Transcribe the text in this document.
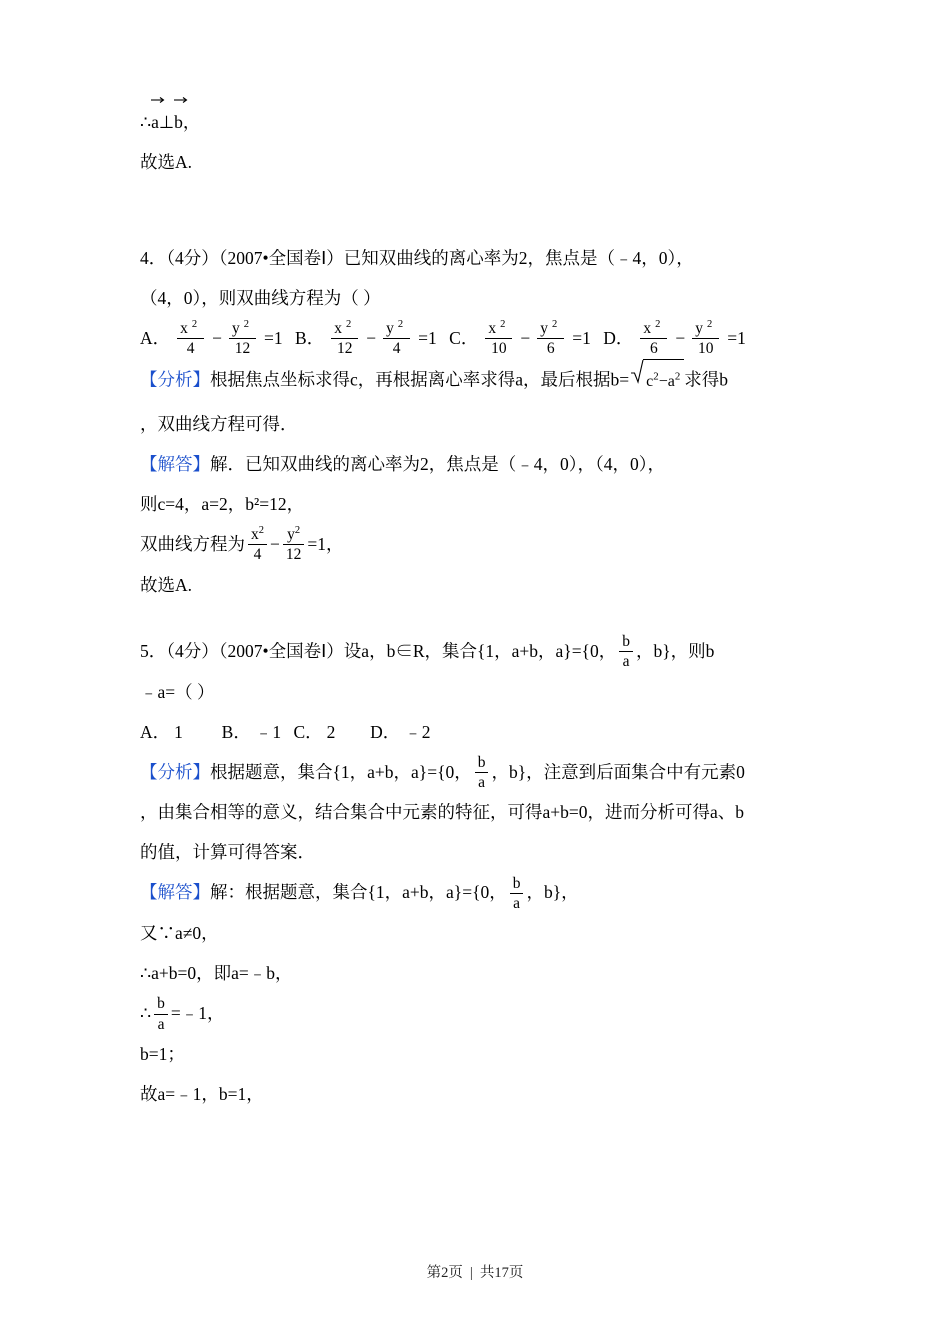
∴
a⊥
b，
故选A.
4．（4分）（2007•全国卷Ⅰ）已知双曲线的离心率为2，焦点是（﹣4，0），
（4，0），则双曲线方程为（ ）
A． $\frac{x ^2}{4} - \frac{y ^2}{12} =1$ B． $\frac{x ^2}{12} - \frac{y ^2}{4} =1$ C． $\frac{x ^2}{10} - \frac{y ^2}{6} =1$ D． $\frac{x ^2}{6} - \frac{y ^2}{10} =1$
【分析】根据焦点坐标求得c，再根据离心率求得a，最后根据$b= c^2-a^2$ 求得b
，双曲线方程可得．
【解答】解．已知双曲线的离心率为2，焦点是（﹣4，0），（4，0），
则c=4，a=2，b²=12，
双曲线方程为 $\frac{x^2}{4} - \frac{y^2}{12} =1$，
故选A.
5．（4分）（2007•全国卷Ⅰ）设a，b∈R，集合{1，a+b，a}={0， $\frac{b}{a}$ ，b}，则b
﹣a=（ ）
A． 1 B． ﹣1 C． 2 D． ﹣2
【分析】根据题意，集合{1，a+b，a}={0， $\frac{b}{a}$ ，b}，注意到后面集合中有元素0
，由集合相等的意义，结合集合中元素的特征，可得a+b=0，进而分析可得a、b
的值，计算可得答案．
【解答】解：根据题意，集合{1，a+b，a}={0， $\frac{b}{a}$ ，b}，
又∵a≠0，
∴a+b=0，即a=﹣b，
∴ $\frac{b}{a}$ =﹣1，
b=1；
故a=﹣1，b=1，
第2页 | 共17页
